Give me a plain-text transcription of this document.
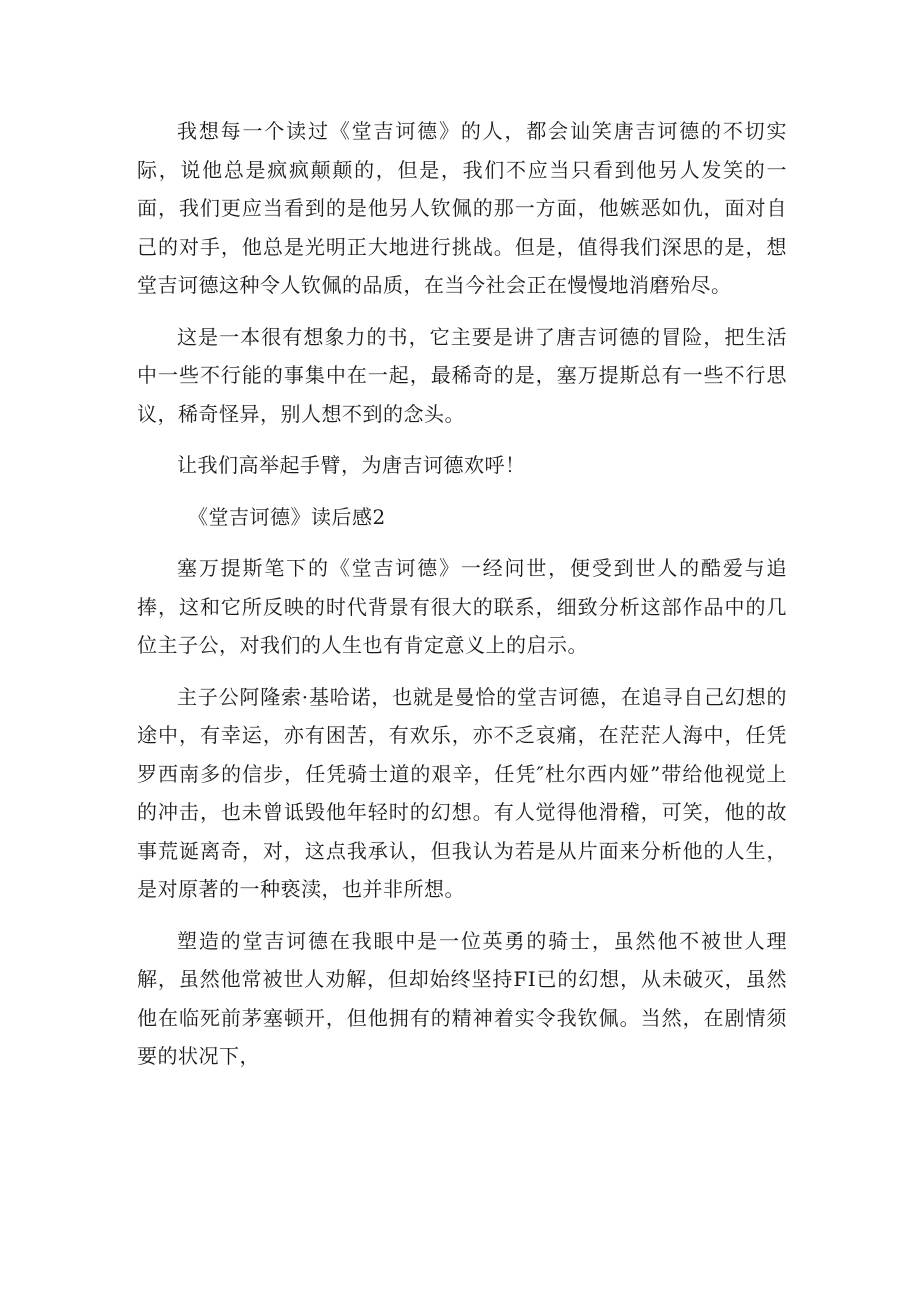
我想每一个读过《堂吉诃德》的人，都会讪笑唐吉诃德的不切实际，说他总是疯疯颠颠的，但是，我们不应当只看到他另人发笑的一面，我们更应当看到的是他另人钦佩的那一方面，他嫉恶如仇，面对自己的对手，他总是光明正大地进行挑战。但是，值得我们深思的是，想堂吉诃德这种令人钦佩的品质，在当今社会正在慢慢地消磨殆尽。

这是一本很有想象力的书，它主要是讲了唐吉诃德的冒险，把生活中一些不行能的事集中在一起，最稀奇的是，塞万提斯总有一些不行思议，稀奇怪异，别人想不到的念头。

让我们高举起手臂，为唐吉诃德欢呼！

《堂吉诃德》读后感2

塞万提斯笔下的《堂吉诃德》一经问世，便受到世人的酷爱与追捧，这和它所反映的时代背景有很大的联系，细致分析这部作品中的几位主子公，对我们的人生也有肯定意义上的启示。

主子公阿隆索·基哈诺，也就是曼恰的堂吉诃德，在追寻自己幻想的途中，有幸运，亦有困苦，有欢乐，亦不乏哀痛，在茫茫人海中，任凭罗西南多的信步，任凭骑士道的艰辛，任凭″杜尔西内娅”带给他视觉上的冲击，也未曾诋毁他年轻时的幻想。有人觉得他滑稽，可笑，他的故事荒诞离奇，对，这点我承认，但我认为若是从片面来分析他的人生，是对原著的一种亵渎，也并非所想。

塑造的堂吉诃德在我眼中是一位英勇的骑士，虽然他不被世人理解，虽然他常被世人劝解，但却始终坚持FI已的幻想，从未破灭，虽然他在临死前茅塞顿开，但他拥有的精神着实令我钦佩。当然，在剧情须要的状况下，
